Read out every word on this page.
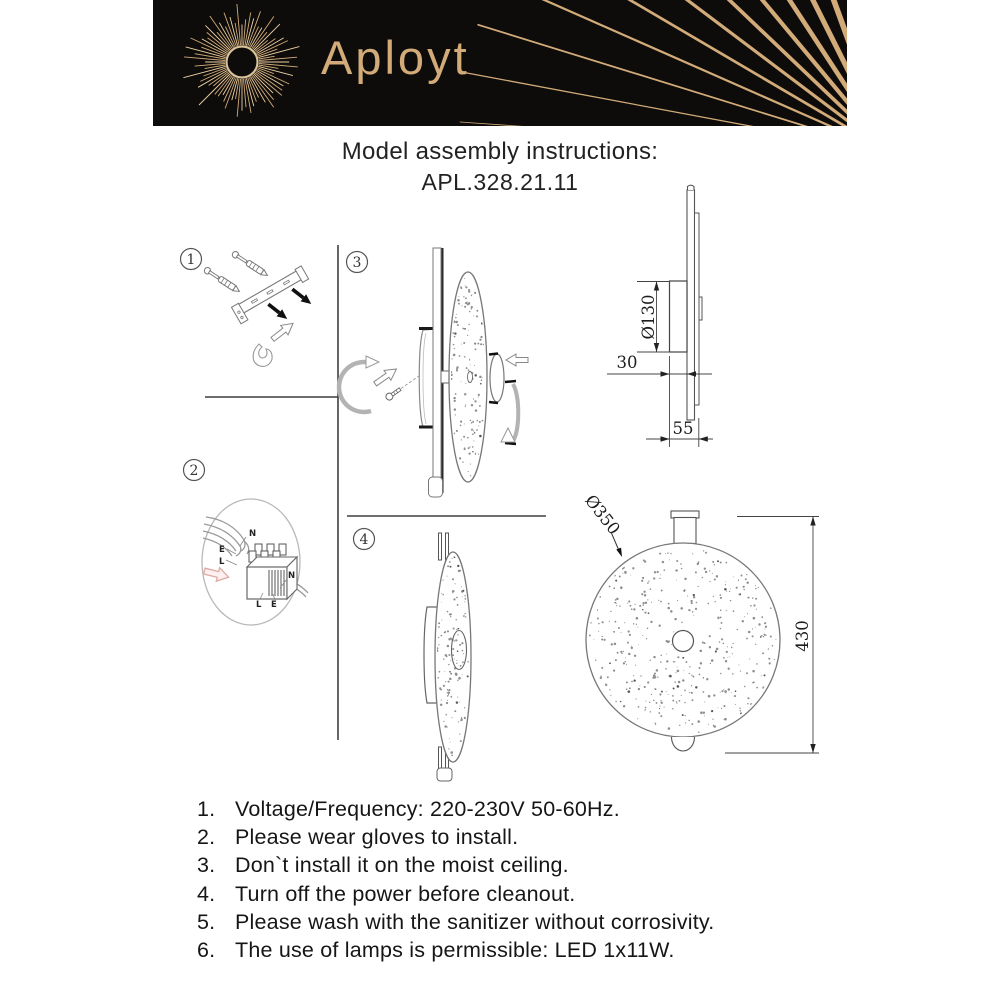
Aployt
Model assembly instructions:
APL.328.21.11
1
2
3
4
N
E
L
N
L E
Ø130
30
55
Ø350
430
1. Voltage/Frequency: 220-230V 50-60Hz.
2. Please wear gloves to install.
3. Don`t install it on the moist ceiling.
4. Turn off the power before cleanout.
5. Please wash with the sanitizer without corrosivity.
6. The use of lamps is permissible: LED 1x11W.
